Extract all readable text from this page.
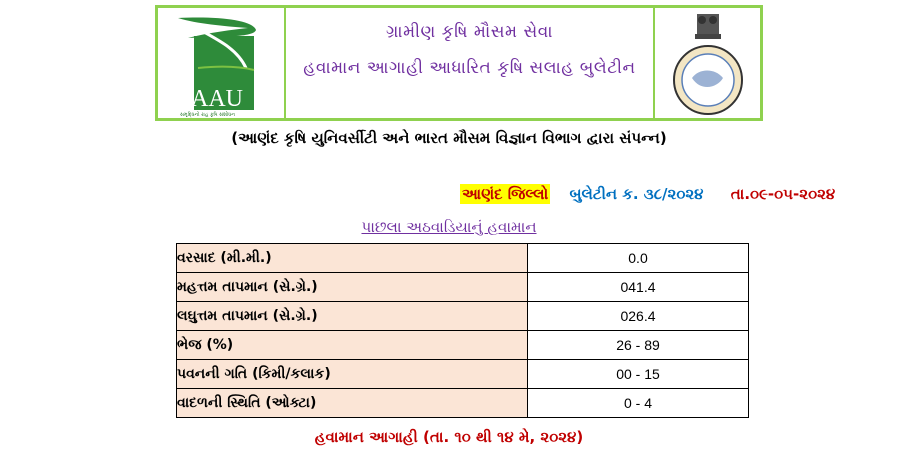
AAU
સમૃદ્ધિનો રાહ કૃષિ સંશોધન
ગ્રામીણ કૃષિ મૌસમ સેવા
હવામાન આગાહી આધારિત કૃષિ સલાહ બુલેટીન
(આણંદ કૃષિ યુનિવર્સીટી અને ભારત મૌસમ વિજ્ઞાન વિભાગ દ્વારા સંપન્ન)
આણંદ જિલ્લો બુલેટીન ક. ૩૮/૨૦૨૪ તા.૦૯-૦૫-૨૦૨૪
પાછલા અઠવાડિયાનું હવામાન
વરસાદ (મી.મી.)	0.0
મહત્તમ તાપમાન (સે.ગ્રે.)	041.4
લઘુત્તમ તાપમાન (સે.ગ્રે.)	026.4
ભેજ (%)	26 - 89
પવનની ગતિ (કિમી/કલાક)	00 - 15
વાદળની સ્થિતિ (ઓક્ટા)	0 - 4
હવામાન આગાહી (તા. ૧૦ થી ૧૪ મે, ૨૦૨૪)
